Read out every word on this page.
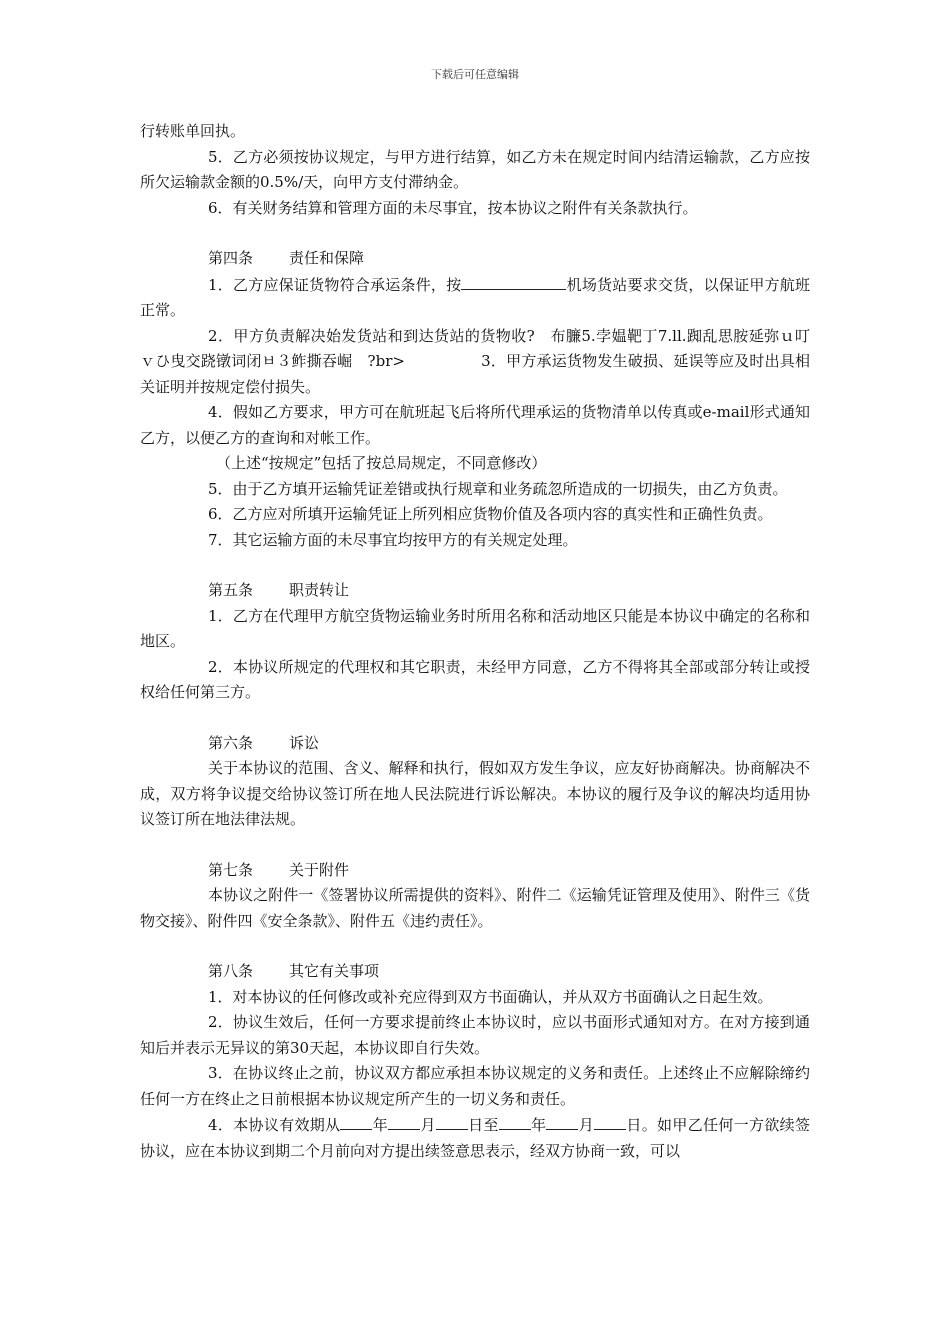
下载后可任意编辑

行转账单回执。

5．乙方必须按协议规定，与甲方进行结算，如乙方未在规定时间内结清运输款，乙方应按所欠运输款金额的0.5%/天，向甲方支付滞纳金。

6．有关财务结算和管理方面的未尽事宜，按本协议之附件有关条款执行。

第四条 责任和保障

1．乙方应保证货物符合承运条件，按	机场货站要求交货，以保证甲方航班正常。

2．甲方负责解决始发货站和到达货站的货物收?　布臁5.孛媪靶丁7.ll.踟乱思胺延弥ｕ叮　ｖひ曳交跷镦词闭ㅂ３鲊撕吞崛　?br>　　　　　3．甲方承运货物发生破损、延误等应及时出具相关证明并按规定偿付损失。

4．假如乙方要求，甲方可在航班起飞后将所代理承运的货物清单以传真或e-mail形式通知乙方，以便乙方的查询和对帐工作。

（上述“按规定”包括了按总局规定，不同意修改）

5．由于乙方填开运输凭证差错或执行规章和业务疏忽所造成的一切损失，由乙方负责。

6．乙方应对所填开运输凭证上所列相应货物价值及各项内容的真实性和正确性负责。

7．其它运输方面的未尽事宜均按甲方的有关规定处理。

第五条 职责转让

1．乙方在代理甲方航空货物运输业务时所用名称和活动地区只能是本协议中确定的名称和地区。

2．本协议所规定的代理权和其它职责，未经甲方同意，乙方不得将其全部或部分转让或授权给任何第三方。

第六条 诉讼

关于本协议的范围、含义、解释和执行，假如双方发生争议，应友好协商解决。协商解决不成，双方将争议提交给协议签订所在地人民法院进行诉讼解决。本协议的履行及争议的解决均适用协议签订所在地法律法规。

第七条 关于附件

本协议之附件一《签署协议所需提供的资料》、附件二《运输凭证管理及使用》、附件三《货物交接》、附件四《安全条款》、附件五《违约责任》。

第八条 其它有关事项

1．对本协议的任何修改或补充应得到双方书面确认，并从双方书面确认之日起生效。

2．协议生效后，任何一方要求提前终止本协议时，应以书面形式通知对方。在对方接到通知后并表示无异议的第30天起，本协议即自行失效。

3．在协议终止之前，协议双方都应承担本协议规定的义务和责任。上述终止不应解除缔约任何一方在终止之日前根据本协议规定所产生的一切义务和责任。

4．本协议有效期从 年 月 日至 年 月 日。如甲乙任何一方欲续签协议，应在本协议到期二个月前向对方提出续签意思表示，经双方协商一致，可以
